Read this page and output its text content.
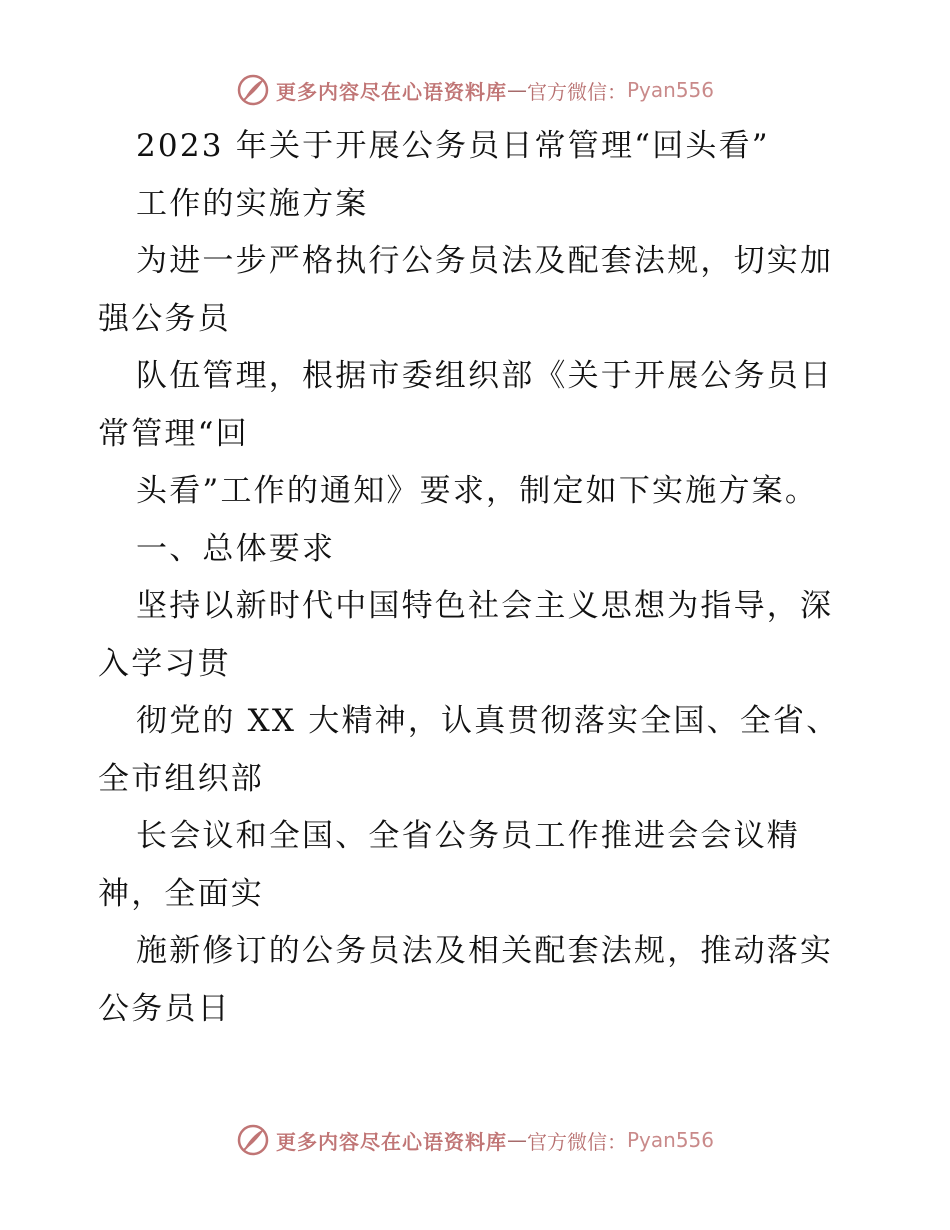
更多内容尽在心语资料库 — 官方微信： Pyan556
2023 年关于开展公务员日常管理“回头看”
工作的实施方案
为进一步严格执行公务员法及配套法规，切实加
强公务员
队伍管理，根据市委组织部《关于开展公务员日
常管理“回
头看”工作的通知》要求，制定如下实施方案。
一、总体要求
坚持以新时代中国特色社会主义思想为指导，深
入学习贯
彻党的 XX 大精神，认真贯彻落实全国、全省、
全市组织部
长会议和全国、全省公务员工作推进会会议精
神，全面实
施新修订的公务员法及相关配套法规，推动落实
公务员日
更多内容尽在心语资料库 — 官方微信： Pyan556
